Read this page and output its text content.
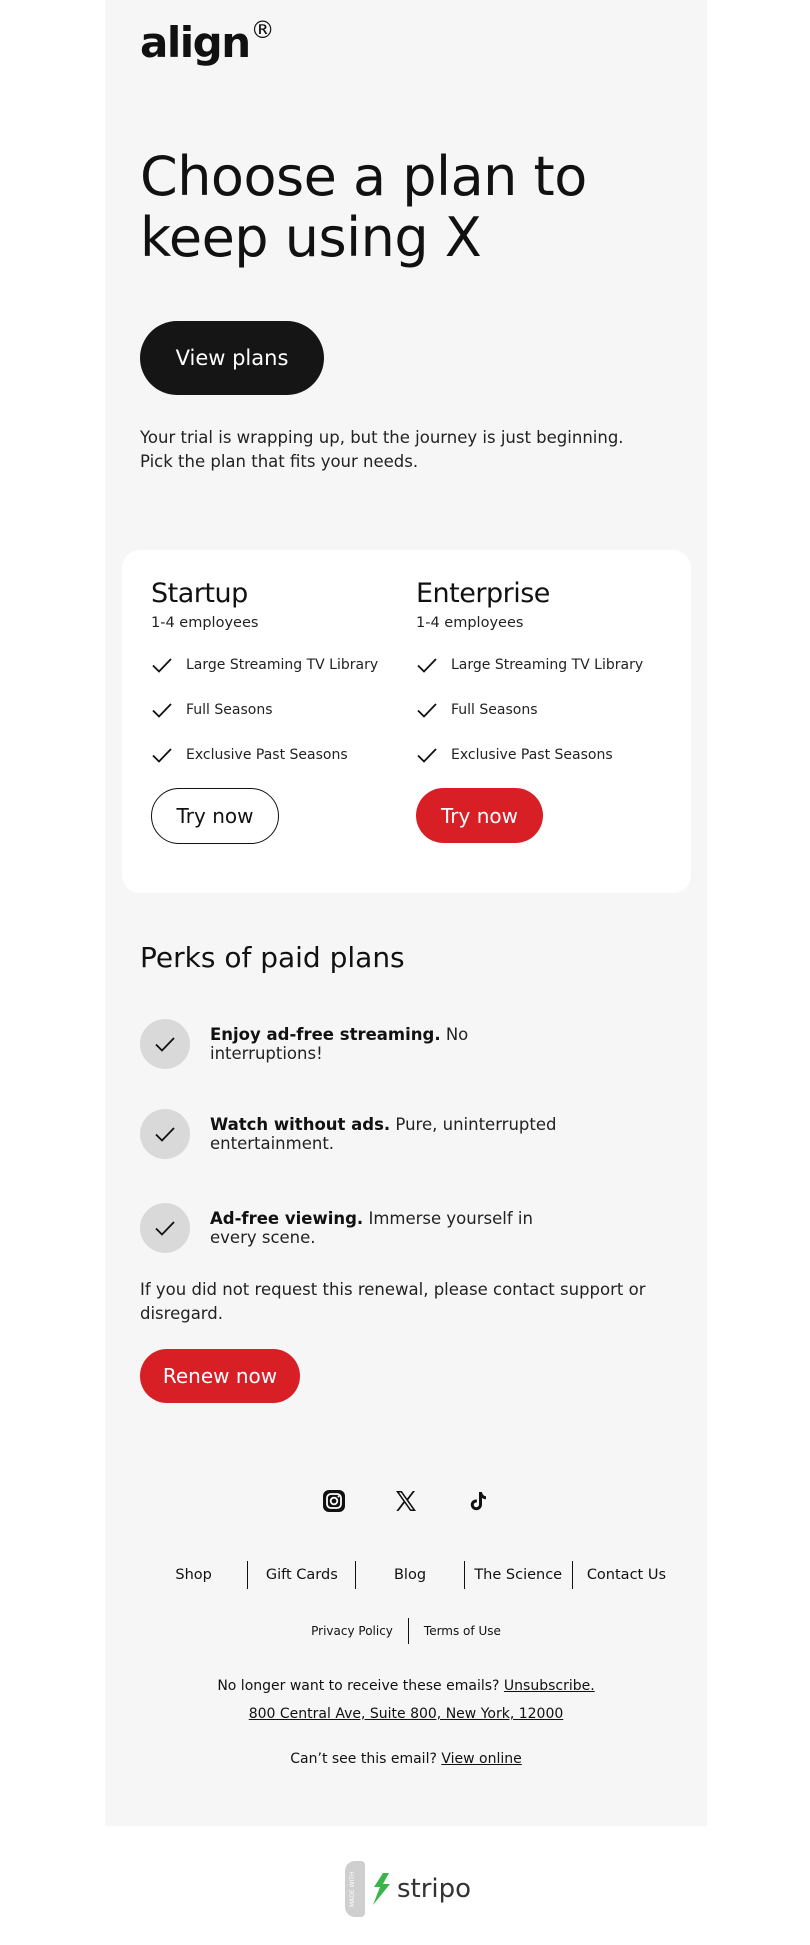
align®
Choose a plan to keep using X
View plans

Your trial is wrapping up, but the journey is just beginning. Pick the plan that fits your needs.

Startup
1-4 employees
Large Streaming TV Library
Full Seasons
Exclusive Past Seasons
Try now
Enterprise
1-4 employees
Large Streaming TV Library
Full Seasons
Exclusive Past Seasons
Try now
Perks of paid plans
Enjoy ad-free streaming. No interruptions!
Watch without ads. Pure, uninterrupted entertainment.
Ad-free viewing. Immerse yourself in every scene.

If you did not request this renewal, please contact support or disregard.

Renew now
Shop	Gift Cards	Blog	The Science	Contact Us
Privacy Policy	Terms of Use

No longer want to receive these emails? Unsubscribe.

800 Central Ave, Suite 800, New York, 12000

Can’t see this email? View online

MADE WITH stripo
